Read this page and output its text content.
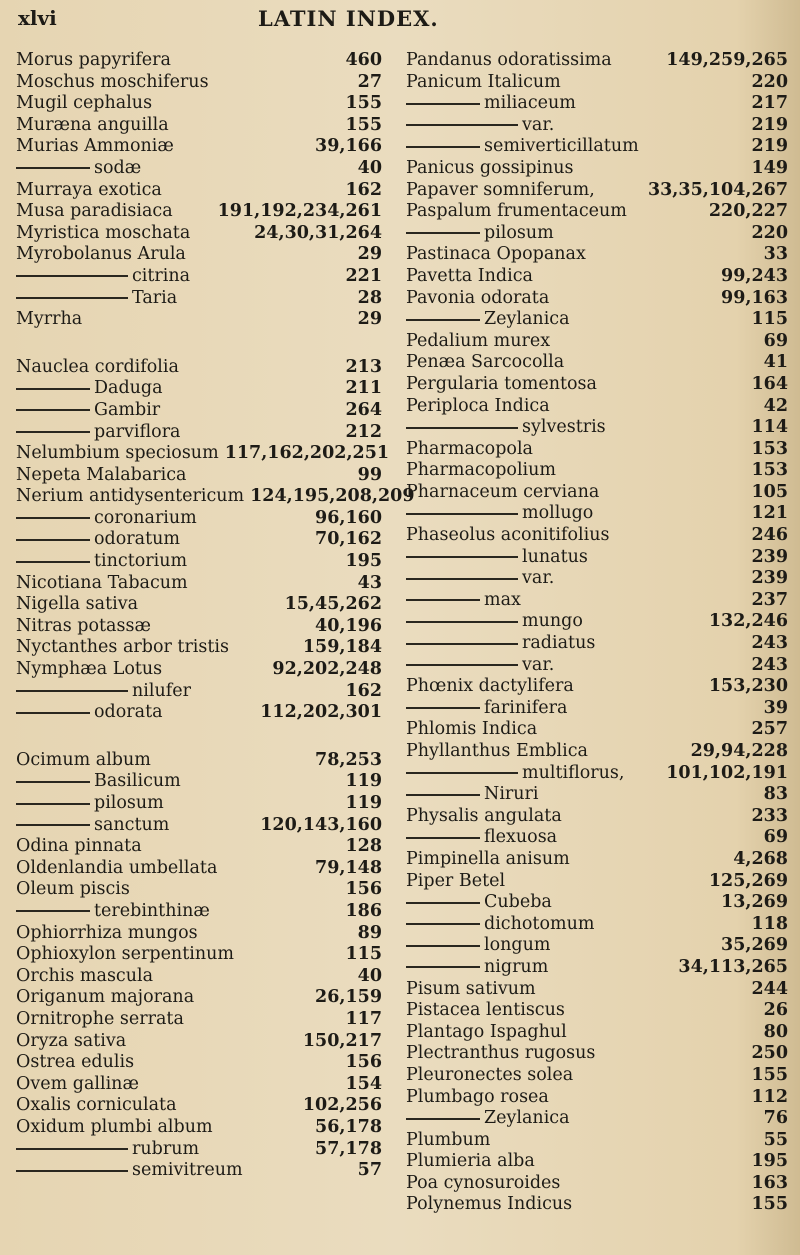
xlvi	LATIN INDEX.
Morus papyrifera	460
Moschus moschiferus	27
Mugil cephalus	155
Muræna anguilla	155
Murias Ammoniæ	39,166
sodæ	40
Murraya exotica	162
Musa paradisiaca	191,192,234,261
Myristica moschata	24,30,31,264
Myrobolanus Arula	29
citrina	221
Taria	28
Myrrha	29
Nauclea cordifolia	213
Daduga	211
Gambir	264
parviflora	212
Nelumbium speciosum 117,162,202,251
Nepeta Malabarica	99
Nerium antidysentericum 124,195,208,209
coronarium	96,160
odoratum	70,162
tinctorium	195
Nicotiana Tabacum	43
Nigella sativa	15,45,262
Nitras potassæ	40,196
Nyctanthes arbor tristis	159,184
Nymphæa Lotus	92,202,248
nilufer	162
odorata	112,202,301
Ocimum album	78,253
Basilicum	119
pilosum	119
sanctum	120,143,160
Odina pinnata	128
Oldenlandia umbellata	79,148
Oleum piscis	156
terebinthinæ	186
Ophiorrhiza mungos	89
Ophioxylon serpentinum	115
Orchis mascula	40
Origanum majorana	26,159
Ornitrophe serrata	117
Oryza sativa	150,217
Ostrea edulis	156
Ovem gallinæ	154
Oxalis corniculata	102,256
Oxidum plumbi album	56,178
rubrum	57,178
semivitreum	57
Pandanus odoratissima	149,259,265
Panicum Italicum	220
miliaceum	217
var.	219
semiverticillatum	219
Panicus gossipinus	149
Papaver somniferum,	33,35,104,267
Paspalum frumentaceum	220,227
pilosum	220
Pastinaca Opopanax	33
Pavetta Indica	99,243
Pavonia odorata	99,163
Zeylanica	115
Pedalium murex	69
Penæa Sarcocolla	41
Pergularia tomentosa	164
Periploca Indica	42
sylvestris	114
Pharmacopola	153
Pharmacopolium	153
Pharnaceum cerviana	105
mollugo	121
Phaseolus aconitifolius	246
lunatus	239
var.	239
max	237
mungo	132,246
radiatus	243
var.	243
Phœnix dactylifera	153,230
farinifera	39
Phlomis Indica	257
Phyllanthus Emblica	29,94,228
multiflorus,	101,102,191
Niruri	83
Physalis angulata	233
flexuosa	69
Pimpinella anisum	4,268
Piper Betel	125,269
Cubeba	13,269
dichotomum	118
longum	35,269
nigrum	34,113,265
Pisum sativum	244
Pistacea lentiscus	26
Plantago Ispaghul	80
Plectranthus rugosus	250
Pleuronectes solea	155
Plumbago rosea	112
Zeylanica	76
Plumbum	55
Plumieria alba	195
Poa cynosuroides	163
Polynemus Indicus	155
